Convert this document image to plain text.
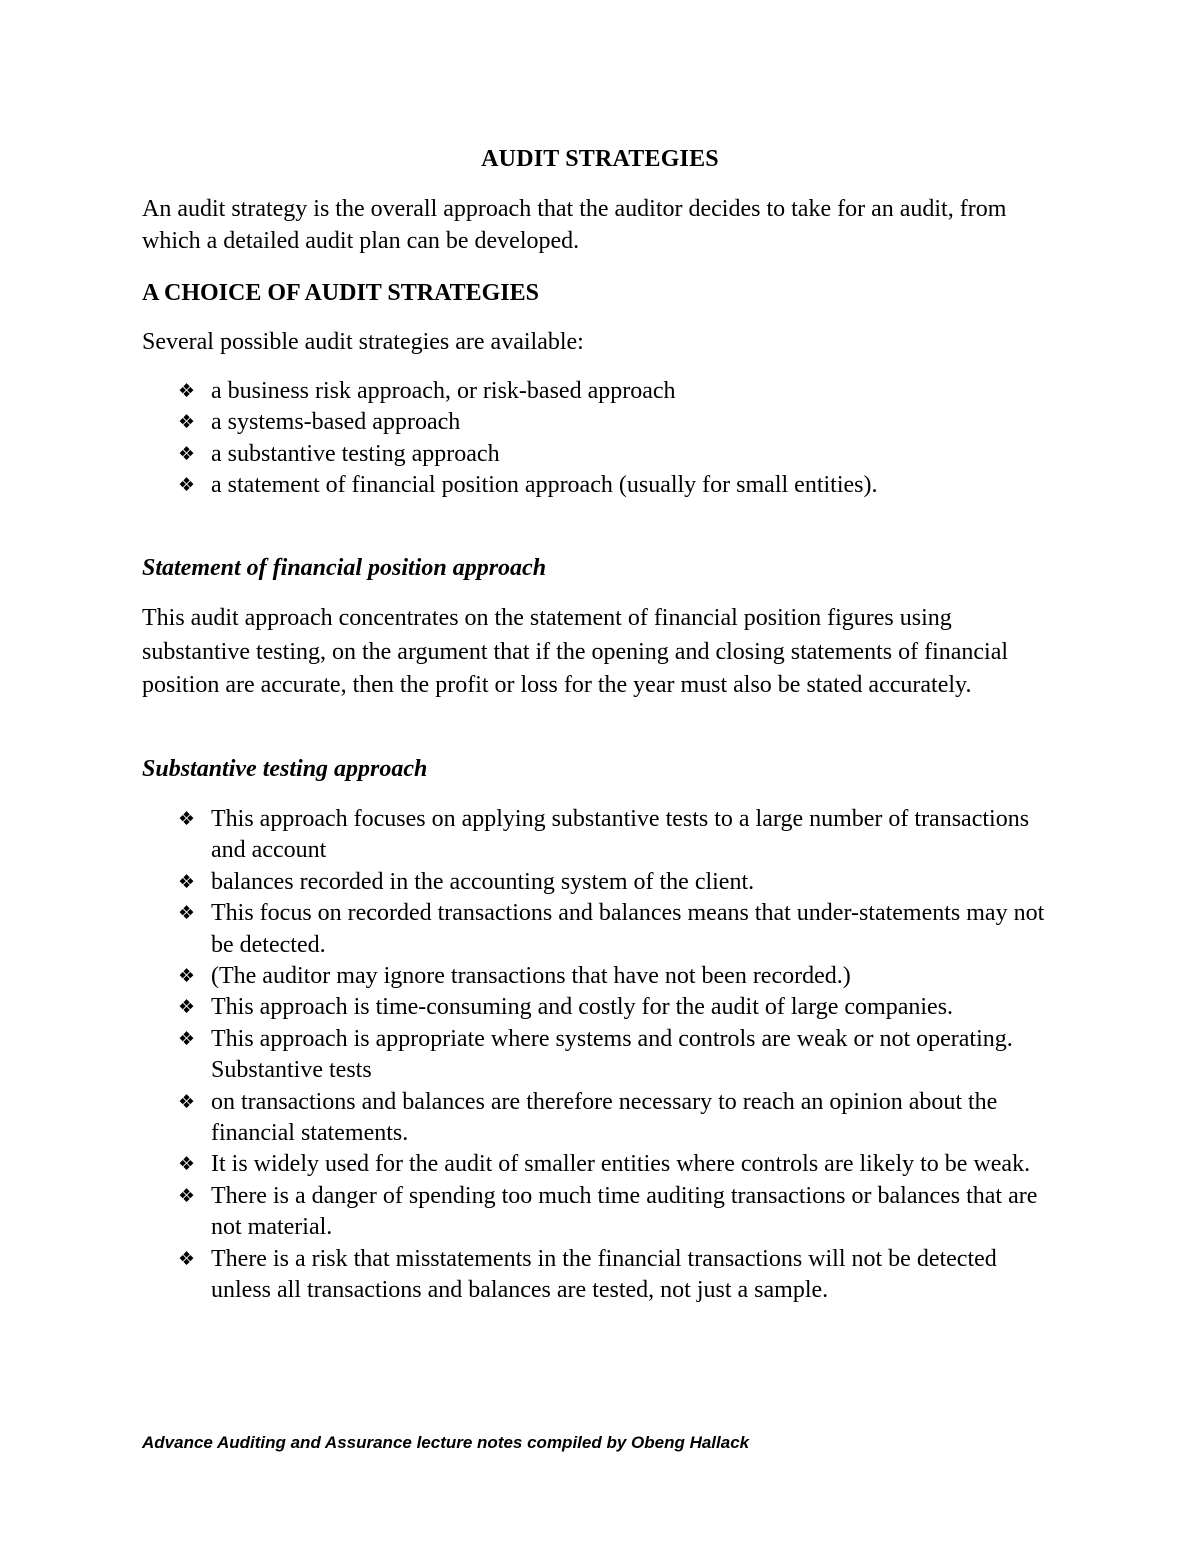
AUDIT STRATEGIES
An audit strategy is the overall approach that the auditor decides to take for an audit, from which a detailed audit plan can be developed.
A CHOICE OF AUDIT STRATEGIES
Several possible audit strategies are available:
❖ a business risk approach, or risk-based approach
❖ a systems-based approach
❖ a substantive testing approach
❖ a statement of financial position approach (usually for small entities).
Statement of financial position approach
This audit approach concentrates on the statement of financial position figures using substantive testing, on the argument that if the opening and closing statements of financial position are accurate, then the profit or loss for the year must also be stated accurately.
Substantive testing approach
❖ This approach focuses on applying substantive tests to a large number of transactions and account
❖ balances recorded in the accounting system of the client.
❖ This focus on recorded transactions and balances means that under-statements may not be detected.
❖ (The auditor may ignore transactions that have not been recorded.)
❖ This approach is time-consuming and costly for the audit of large companies.
❖ This approach is appropriate where systems and controls are weak or not operating. Substantive tests
❖ on transactions and balances are therefore necessary to reach an opinion about the financial statements.
❖ It is widely used for the audit of smaller entities where controls are likely to be weak.
❖ There is a danger of spending too much time auditing transactions or balances that are not material.
❖ There is a risk that misstatements in the financial transactions will not be detected unless all transactions and balances are tested, not just a sample.
Advance Auditing and Assurance lecture notes compiled by Obeng Hallack
